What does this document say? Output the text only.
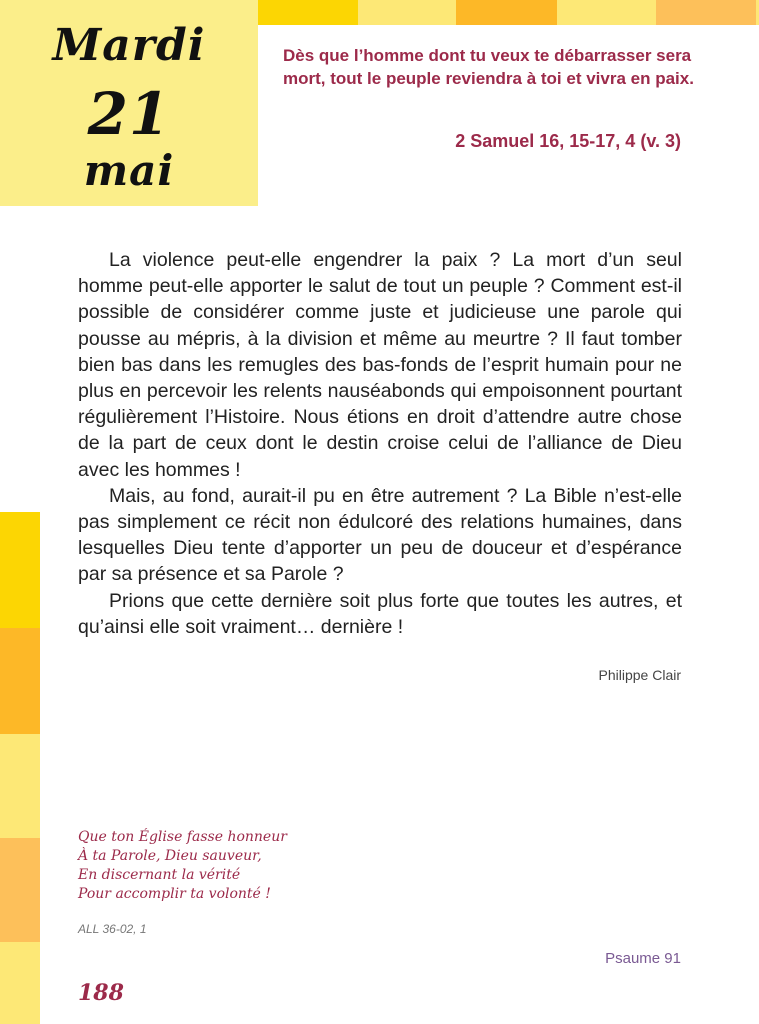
Mardi
21
mai
Dès que l’homme dont tu veux te débarrasser sera mort, tout le peuple reviendra à toi et vivra en paix.
2 Samuel 16, 15-17, 4 (v. 3)

La violence peut-elle engendrer la paix ? La mort d’un seul homme peut-elle apporter le salut de tout un peuple ? Comment est-il possible de considérer comme juste et judicieuse une parole qui pousse au mépris, à la division et même au meurtre ? Il faut tomber bien bas dans les remugles des bas-fonds de l’esprit humain pour ne plus en percevoir les relents nauséabonds qui empoisonnent pourtant régulièrement l’Histoire. Nous étions en droit d’attendre autre chose de la part de ceux dont le destin croise celui de l’alliance de Dieu avec les hommes !

Mais, au fond, aurait-il pu en être autrement ? La Bible n’est-elle pas simplement ce récit non édulcoré des relations humaines, dans lesquelles Dieu tente d’apporter un peu de douceur et d’espérance par sa présence et sa Parole ?

Prions que cette dernière soit plus forte que toutes les autres, et qu’ainsi elle soit vraiment… dernière !

Philippe Clair
Que ton Église fasse honneur
À ta Parole, Dieu sauveur,
En discernant la vérité
Pour accomplir ta volonté !
ALL 36-02, 1
Psaume 91
188
